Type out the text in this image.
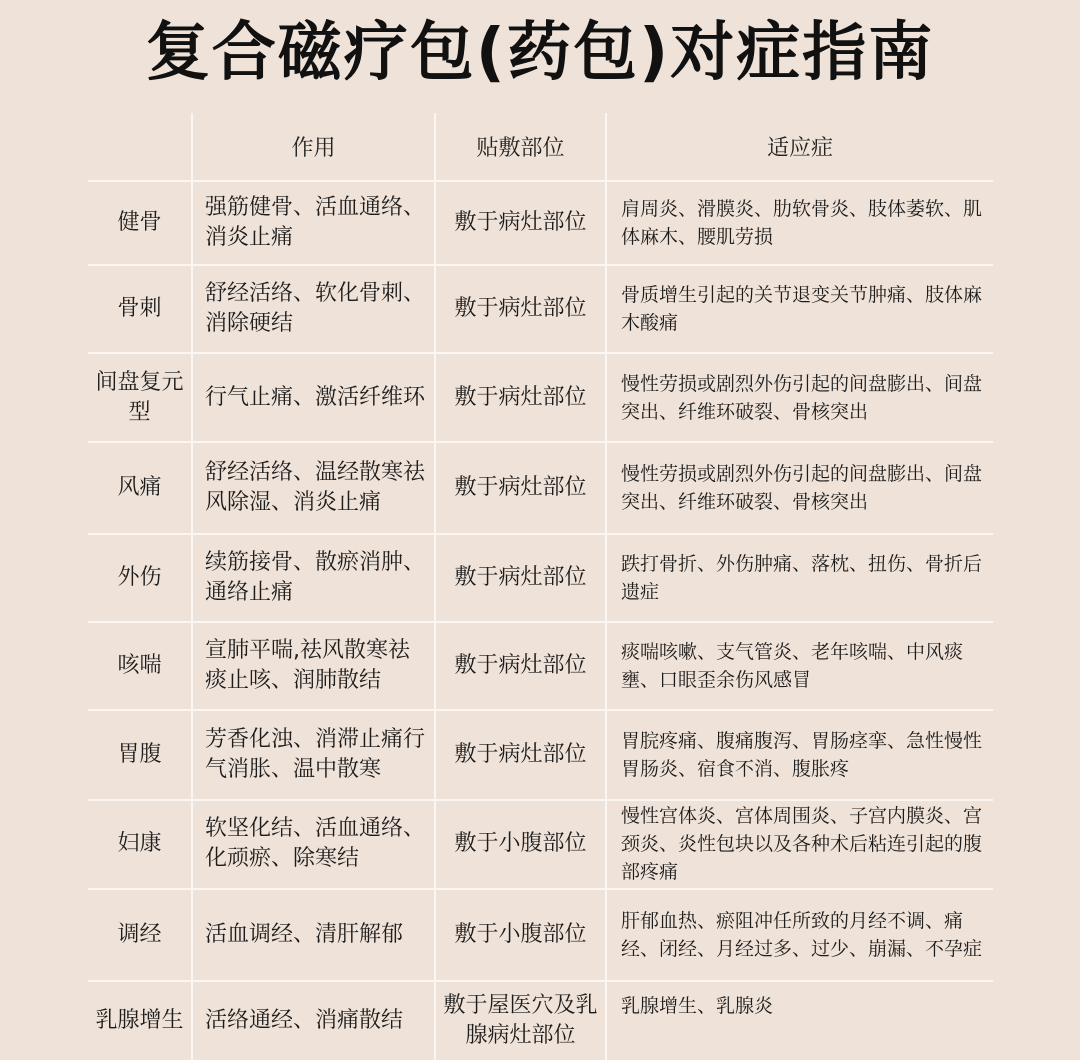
复合磁疗包(药包)对症指南
	作用	贴敷部位	适应症
健骨	强筋健骨、活血通络、消炎止痛	敷于病灶部位	肩周炎、滑膜炎、肋软骨炎、肢体萎软、肌体麻木、腰肌劳损
骨刺	舒经活络、软化骨刺、消除硬结	敷于病灶部位	骨质增生引起的关节退变关节肿痛、肢体麻木酸痛
间盘复元型	行气止痛、激活纤维环	敷于病灶部位	慢性劳损或剧烈外伤引起的间盘膨出、间盘突出、纤维环破裂、骨核突出
风痛	舒经活络、温经散寒祛风除湿、消炎止痛	敷于病灶部位	慢性劳损或剧烈外伤引起的间盘膨出、间盘突出、纤维环破裂、骨核突出
外伤	续筋接骨、散瘀消肿、通络止痛	敷于病灶部位	跌打骨折、外伤肿痛、落枕、扭伤、骨折后遗症
咳喘	宣肺平喘,祛风散寒祛痰止咳、润肺散结	敷于病灶部位	痰喘咳嗽、支气管炎、老年咳喘、中风痰壅、口眼歪余伤风感冒
胃腹	芳香化浊、消滞止痛行气消胀、温中散寒	敷于病灶部位	胃脘疼痛、腹痛腹泻、胃肠痉挛、急性慢性胃肠炎、宿食不消、腹胀疼
妇康	软坚化结、活血通络、化顽瘀、除寒结	敷于小腹部位	慢性宫体炎、宫体周围炎、子宫内膜炎、宫颈炎、炎性包块以及各种术后粘连引起的腹部疼痛
调经	活血调经、清肝解郁	敷于小腹部位	肝郁血热、瘀阻冲任所致的月经不调、痛经、闭经、月经过多、过少、崩漏、不孕症
乳腺增生	活络通经、消痛散结	敷于屋医穴及乳腺病灶部位	乳腺增生、乳腺炎
